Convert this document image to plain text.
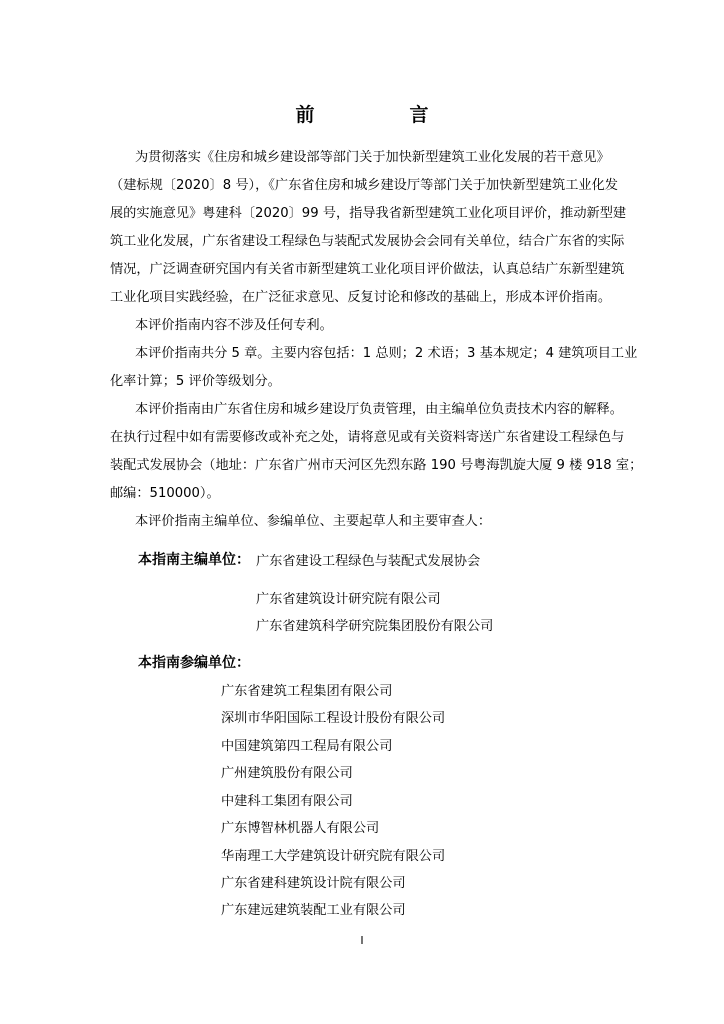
前　言
为贯彻落实《住房和城乡建设部等部门关于加快新型建筑工业化发展的若干意见》
（建标规〔2020〕8 号），《广东省住房和城乡建设厅等部门关于加快新型建筑工业化发
展的实施意见》粤建科〔2020〕99 号，指导我省新型建筑工业化项目评价，推动新型建
筑工业化发展，广东省建设工程绿色与装配式发展协会会同有关单位，结合广东省的实际
情况，广泛调查研究国内有关省市新型建筑工业化项目评价做法，认真总结广东新型建筑
工业化项目实践经验，在广泛征求意见、反复讨论和修改的基础上，形成本评价指南。
本评价指南内容不涉及任何专利。
本评价指南共分 5 章。主要内容包括：1 总则；2 术语；3 基本规定；4 建筑项目工业
化率计算；5 评价等级划分。
本评价指南由广东省住房和城乡建设厅负责管理，由主编单位负责技术内容的解释。
在执行过程中如有需要修改或补充之处，请将意见或有关资料寄送广东省建设工程绿色与
装配式发展协会（地址：广东省广州市天河区先烈东路 190 号粤海凯旋大厦 9 楼 918 室；
邮编：510000）。
本评价指南主编单位、参编单位、主要起草人和主要审查人：
本指南主编单位： 广东省建设工程绿色与装配式发展协会
广东省建筑设计研究院有限公司
广东省建筑科学研究院集团股份有限公司
本指南参编单位：
广东省建筑工程集团有限公司
深圳市华阳国际工程设计股份有限公司
中国建筑第四工程局有限公司
广州建筑股份有限公司
中建科工集团有限公司
广东博智林机器人有限公司
华南理工大学建筑设计研究院有限公司
广东省建科建筑设计院有限公司
广东建远建筑装配工业有限公司
I
